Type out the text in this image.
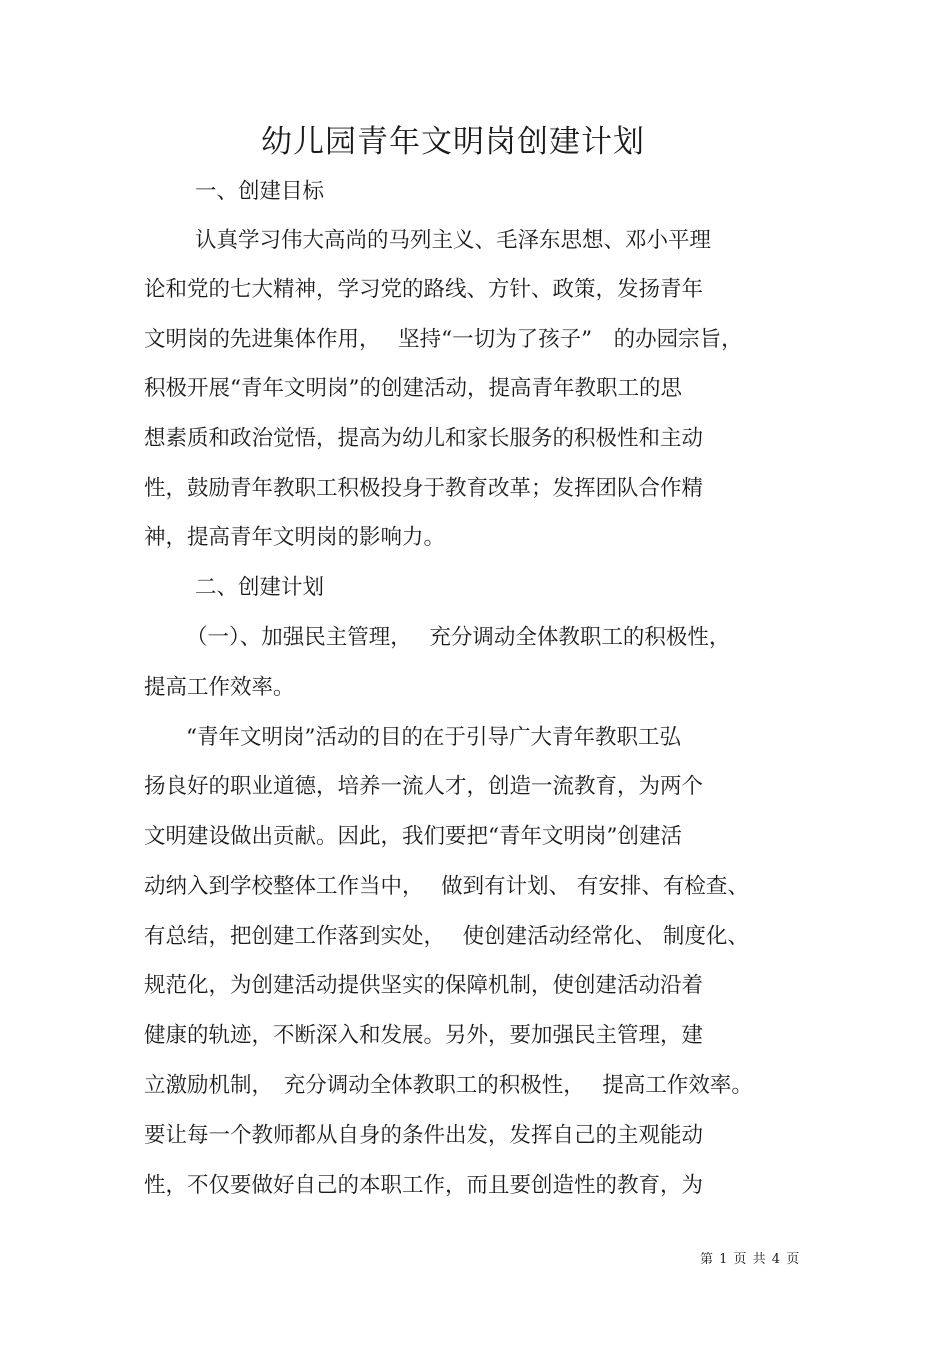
幼儿园青年文明岗创建计划
一、创建目标
认真学习伟大高尚的马列主义、毛泽东思想、邓小平理
论和党的七大精神，学习党的路线、方针、政策，发扬青年
文明岗的先进集体作用，　 坚持“一切为了孩子”　的办园宗旨，
积极开展“青年文明岗”的创建活动，提高青年教职工的思
想素质和政治觉悟，提高为幼儿和家长服务的积极性和主动
性，鼓励青年教职工积极投身于教育改革；发挥团队合作精
神，提高青年文明岗的影响力。
二、创建计划
（一）、加强民主管理，　 充分调动全体教职工的积极性，
提高工作效率。
“青年文明岗”活动的目的在于引导广大青年教职工弘
扬良好的职业道德，培养一流人才，创造一流教育，为两个
文明建设做出贡献。因此，我们要把“青年文明岗”创建活
动纳入到学校整体工作当中，　 做到有计划、 有安排、有检查、
有总结，把创建工作落到实处，　 使创建活动经常化、 制度化、
规范化，为创建活动提供坚实的保障机制，使创建活动沿着
健康的轨迹，不断深入和发展。另外，要加强民主管理，建
立激励机制，　充分调动全体教职工的积极性，　 提高工作效率。
要让每一个教师都从自身的条件出发，发挥自己的主观能动
性，不仅要做好自己的本职工作，而且要创造性的教育，为
第 1 页 共 4 页
